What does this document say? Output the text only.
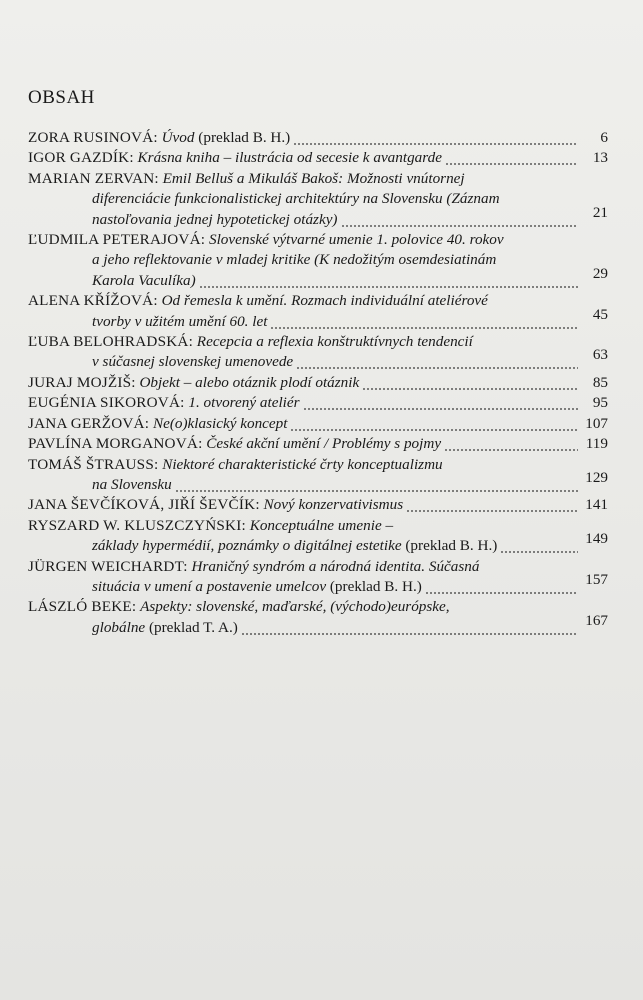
OBSAH
ZORA RUSINOVÁ: Úvod (preklad B. H.)	6
IGOR GAZDÍK: Krásna kniha – ilustrácia od secesie k avantgarde	13
MARIAN ZERVAN: Emil Belluš a Mikuláš Bakoš: Možnosti vnútornej
diferenciácie funkcionalistickej architektúry na Slovensku (Záznam
nastoľovania jednej hypotetickej otázky)	21
ĽUDMILA PETERAJOVÁ: Slovenské výtvarné umenie 1. polovice 40. rokov
a jeho reflektovanie v mladej kritike (K nedožitým osemdesiatinám
Karola Vaculíka)	29
ALENA KŘÍŽOVÁ: Od řemesla k umění. Rozmach individuální ateliérové
tvorby v užitém umění 60. let	45
ĽUBA BELOHRADSKÁ: Recepcia a reflexia konštruktívnych tendencií
v súčasnej slovenskej umenovede	63
JURAJ MOJŽIŠ: Objekt – alebo otáznik plodí otáznik	85
EUGÉNIA SIKOROVÁ: 1. otvorený ateliér	95
JANA GERŽOVÁ: Ne(o)klasický koncept	107
PAVLÍNA MORGANOVÁ: České akční umění / Problémy s pojmy	119
TOMÁŠ ŠTRAUSS: Niektoré charakteristické črty konceptualizmu
na Slovensku	129
JANA ŠEVČÍKOVÁ, JIŘÍ ŠEVČÍK: Nový konzervativismus	141
RYSZARD W. KLUSZCZYŃSKI: Konceptuálne umenie –
základy hypermédií, poznámky o digitálnej estetike (preklad B. H.)	149
JÜRGEN WEICHARDT: Hraničný syndróm a národná identita. Súčasná
situácia v umení a postavenie umelcov (preklad B. H.)	157
LÁSZLÓ BEKE: Aspekty: slovenské, maďarské, (východo)európske,
globálne (preklad T. A.)	167
